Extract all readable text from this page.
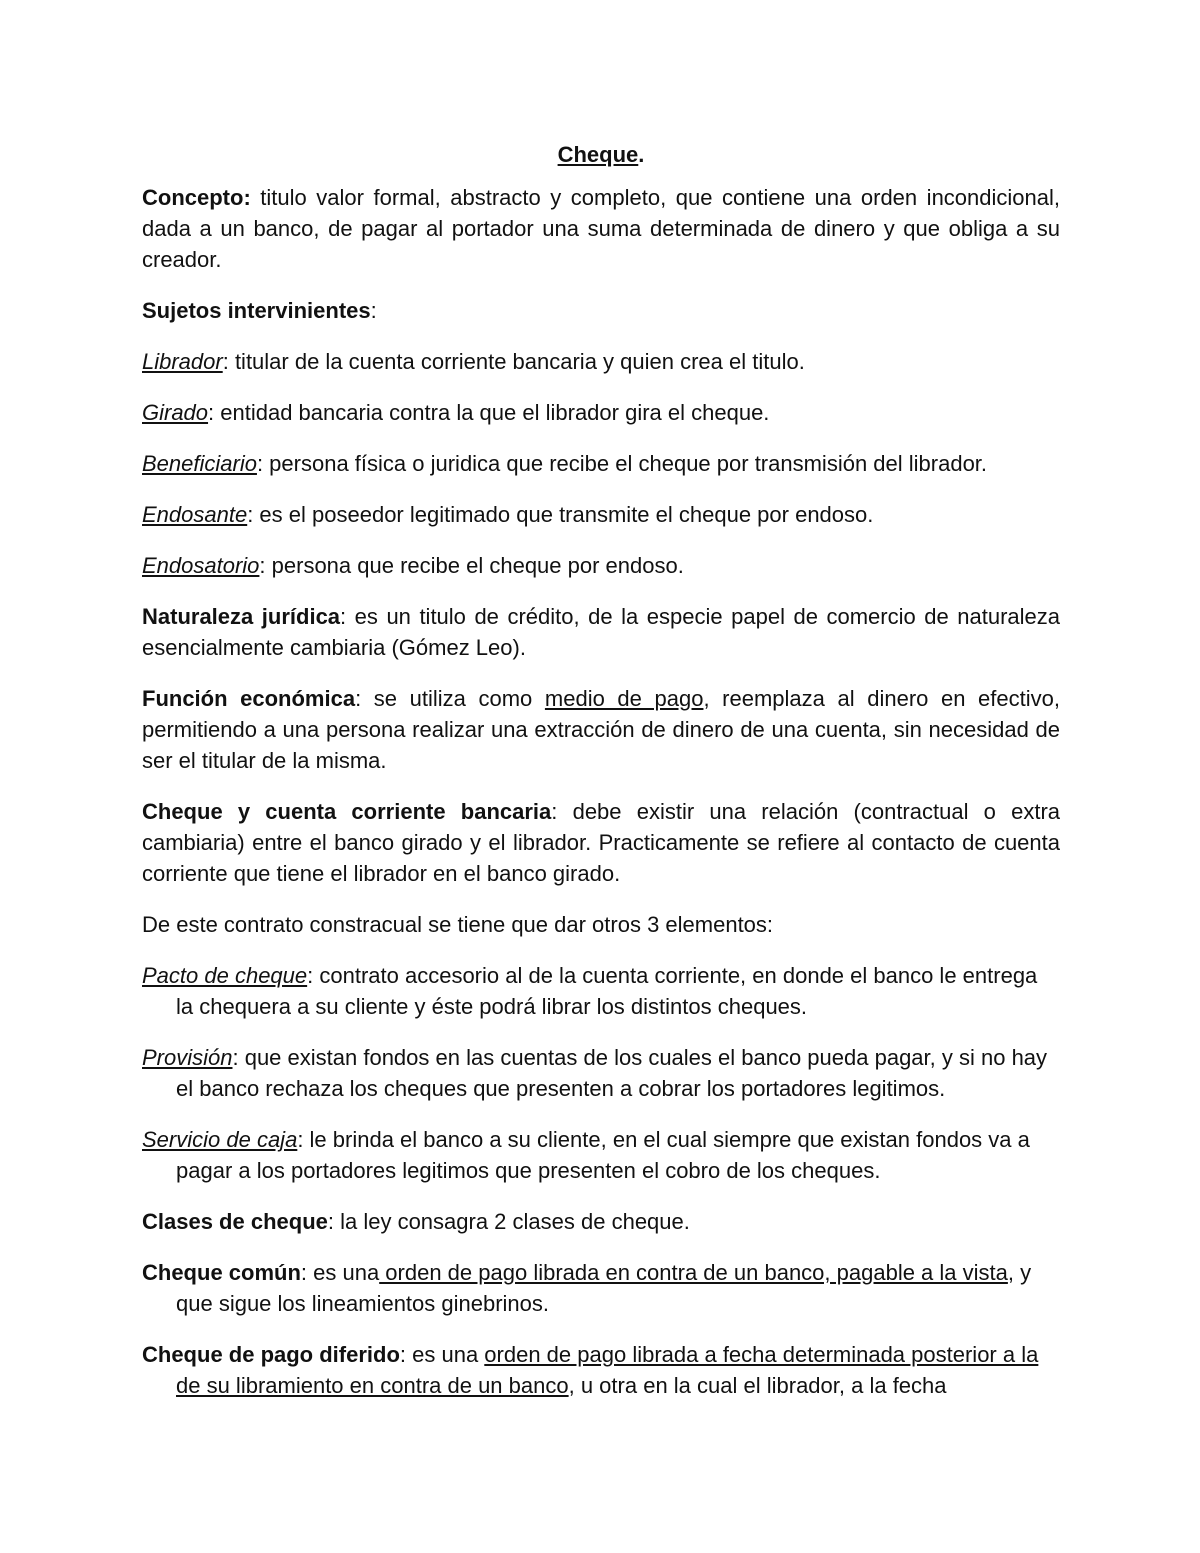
Cheque.

Concepto: titulo valor formal, abstracto y completo, que contiene una orden incondicional, dada a un banco, de pagar al portador una suma determinada de dinero y que obliga a su creador.

Sujetos intervinientes:

Librador: titular de la cuenta corriente bancaria y quien crea el titulo.

Girado: entidad bancaria contra la que el librador gira el cheque.

Beneficiario: persona física o juridica que recibe el cheque por transmisión del librador.

Endosante: es el poseedor legitimado que transmite el cheque por endoso.

Endosatorio: persona que recibe el cheque por endoso.

Naturaleza jurídica: es un titulo de crédito, de la especie papel de comercio de naturaleza esencialmente cambiaria (Gómez Leo).

Función económica: se utiliza como medio de pago, reemplaza al dinero en efectivo, permitiendo a una persona realizar una extracción de dinero de una cuenta, sin necesidad de ser el titular de la misma.

Cheque y cuenta corriente bancaria: debe existir una relación (contractual o extra cambiaria) entre el banco girado y el librador. Practicamente se refiere al contacto de cuenta corriente que tiene el librador en el banco girado.

De este contrato constracual se tiene que dar otros 3 elementos:

Pacto de cheque: contrato accesorio al de la cuenta corriente, en donde el banco le entrega la chequera a su cliente y éste podrá librar los distintos cheques.

Provisión: que existan fondos en las cuentas de los cuales el banco pueda pagar, y si no hay el banco rechaza los cheques que presenten a cobrar los portadores legitimos.

Servicio de caja: le brinda el banco a su cliente, en el cual siempre que existan fondos va a pagar a los portadores legitimos que presenten el cobro de los cheques.

Clases de cheque: la ley consagra 2 clases de cheque.

Cheque común: es una orden de pago librada en contra de un banco, pagable a la vista, y que sigue los lineamientos ginebrinos.

Cheque de pago diferido: es una orden de pago librada a fecha determinada posterior a la de su libramiento en contra de un banco, u otra en la cual el librador, a la fecha
